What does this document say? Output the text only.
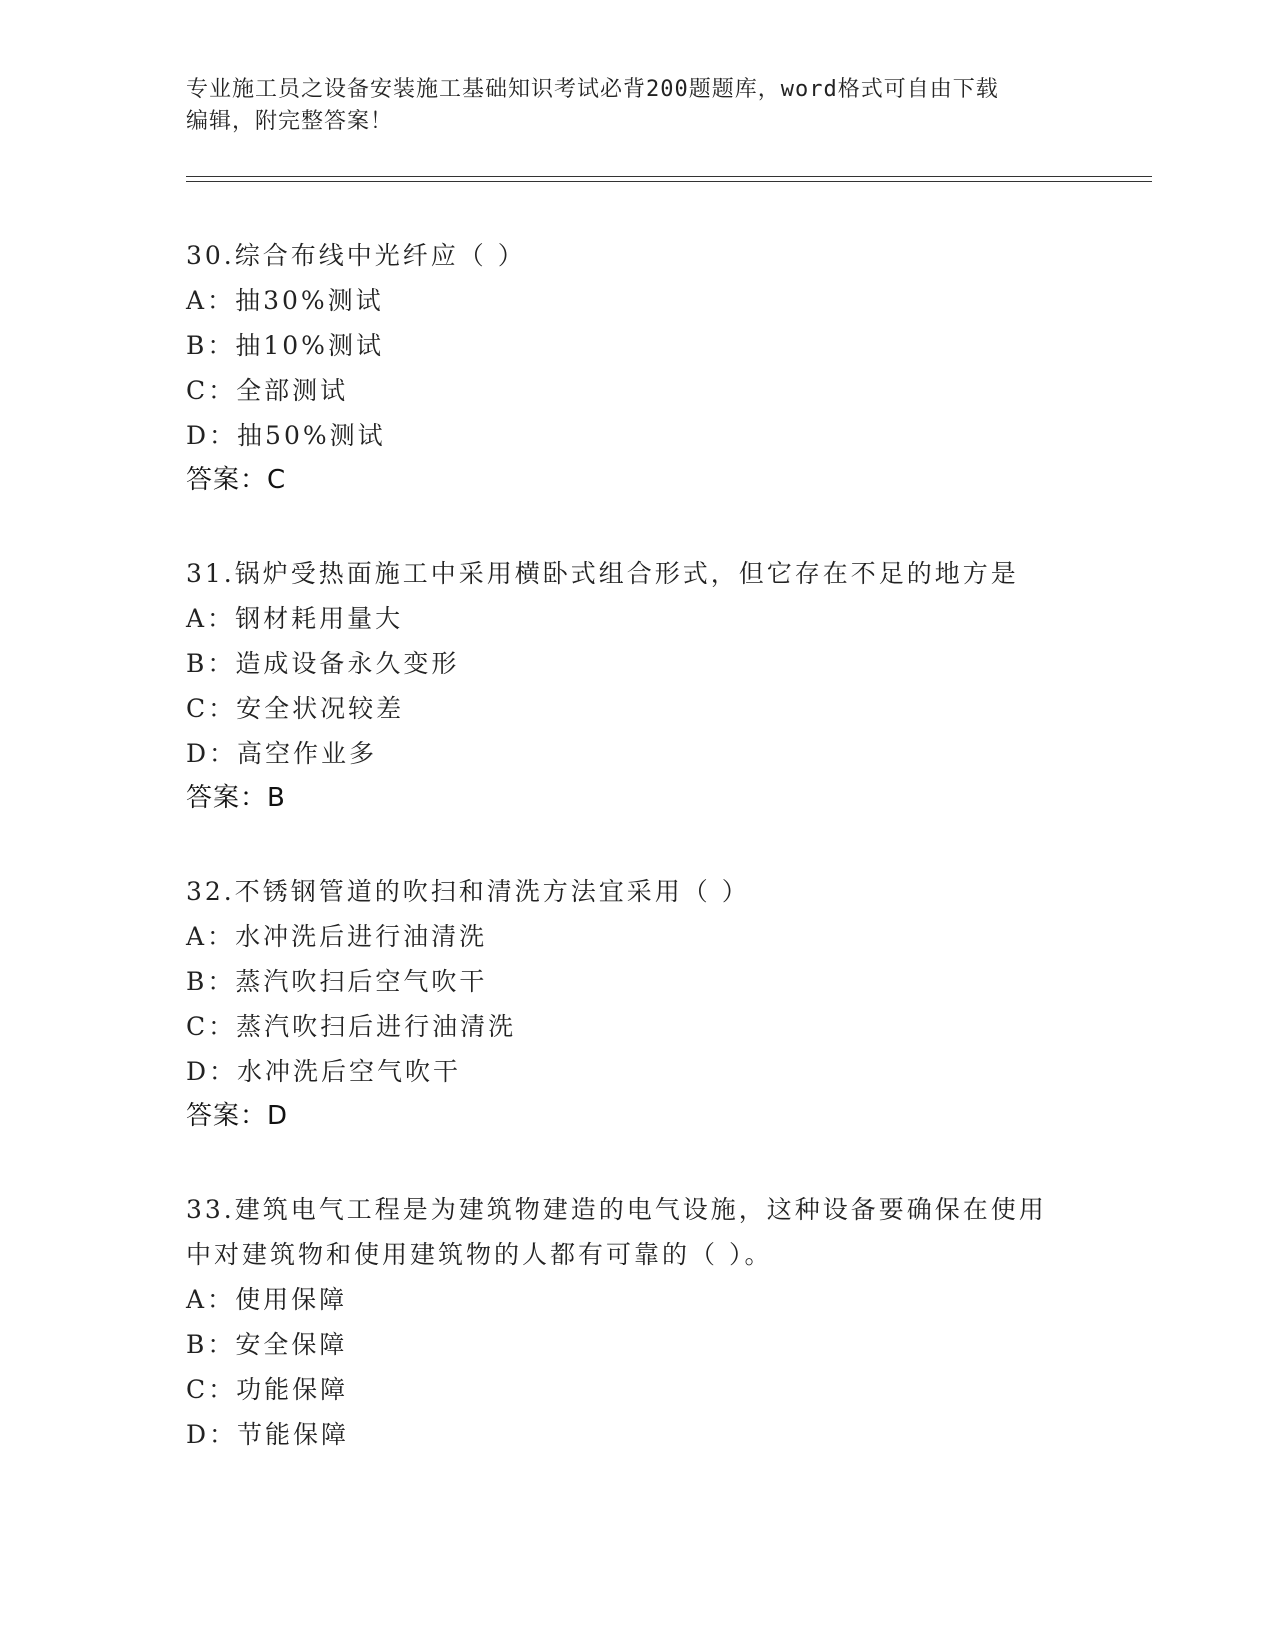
专业施工员之设备安装施工基础知识考试必背200题题库，word格式可自由下载
编辑，附完整答案！

30.综合布线中光纤应（ ）

A：抽30%测试

B：抽10%测试

C：全部测试

D：抽50%测试

答案：C

31.锅炉受热面施工中采用横卧式组合形式，但它存在不足的地方是

A：钢材耗用量大

B：造成设备永久变形

C：安全状况较差

D：高空作业多

答案：B

32.不锈钢管道的吹扫和清洗方法宜采用（ ）

A：水冲洗后进行油清洗

B：蒸汽吹扫后空气吹干

C：蒸汽吹扫后进行油清洗

D：水冲洗后空气吹干

答案：D

33.建筑电气工程是为建筑物建造的电气设施，这种设备要确保在使用

中对建筑物和使用建筑物的人都有可靠的（ ）。

A：使用保障

B：安全保障

C：功能保障

D：节能保障
